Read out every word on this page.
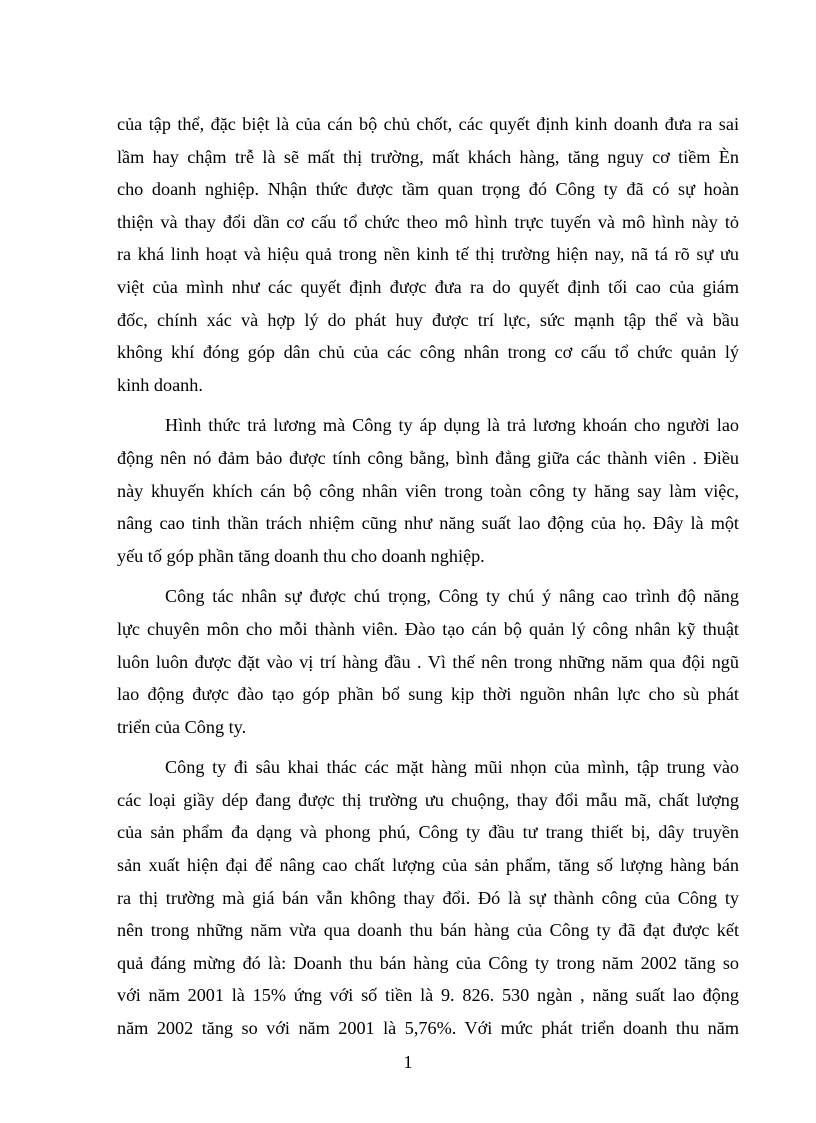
của tập thể, đặc biệt là của cán bộ chủ chốt, các quyết định kinh doanh đưa ra sai
lầm hay chậm trễ là sẽ mất thị trường, mất khách hàng, tăng nguy cơ tiềm Èn
cho doanh nghiệp. Nhận thức được tầm quan trọng đó Công ty đã có sự hoàn
thiện và thay đổi dần cơ cấu tổ chức theo mô hình trực tuyến và mô hình này tỏ
ra khá linh hoạt và hiệu quả trong nền kinh tế thị trường hiện nay, nã tá rõ sự ưu
việt của mình như các quyết định được đưa ra do quyết định tối cao của giám
đốc, chính xác và hợp lý do phát huy được trí lực, sức mạnh tập thể và bầu
không khí đóng góp dân chủ của các công nhân trong cơ cấu tổ chức quản lý
kinh doanh.
Hình thức trả lương mà Công ty áp dụng là trả lương khoán cho người lao
động nên nó đảm bảo được tính công bằng, bình đẳng giữa các thành viên . Điều
này khuyến khích cán bộ công nhân viên trong toàn công ty hăng say làm việc,
nâng cao tinh thần trách nhiệm cũng như năng suất lao động của họ. Đây là một
yếu tố góp phần tăng doanh thu cho doanh nghiệp.
Công tác nhân sự được chú trọng, Công ty chú ý nâng cao trình độ năng
lực chuyên môn cho mỗi thành viên. Đào tạo cán bộ quản lý công nhân kỹ thuật
luôn luôn được đặt vào vị trí hàng đầu . Vì thế nên trong những năm qua đội ngũ
lao động được đào tạo góp phần bổ sung kịp thời nguồn nhân lực cho sù phát
triển của Công ty.
Công ty đi sâu khai thác các mặt hàng mũi nhọn của mình, tập trung vào
các loại giầy dép đang được thị trường ưu chuộng, thay đổi mẫu mã, chất lượng
của sản phẩm đa dạng và phong phú, Công ty đầu tư trang thiết bị, dây truyền
sản xuất hiện đại để nâng cao chất lượng của sản phẩm, tăng số lượng hàng bán
ra thị trường mà giá bán vẫn không thay đổi. Đó là sự thành công của Công ty
nên trong những năm vừa qua doanh thu bán hàng của Công ty đã đạt được kết
quả đáng mừng đó là: Doanh thu bán hàng của Công ty trong năm 2002 tăng so
với năm 2001 là 15% ứng với số tiền là 9. 826. 530 ngàn , năng suất lao động
năm 2002 tăng so với năm 2001 là 5,76%. Với mức phát triển doanh thu năm
1
